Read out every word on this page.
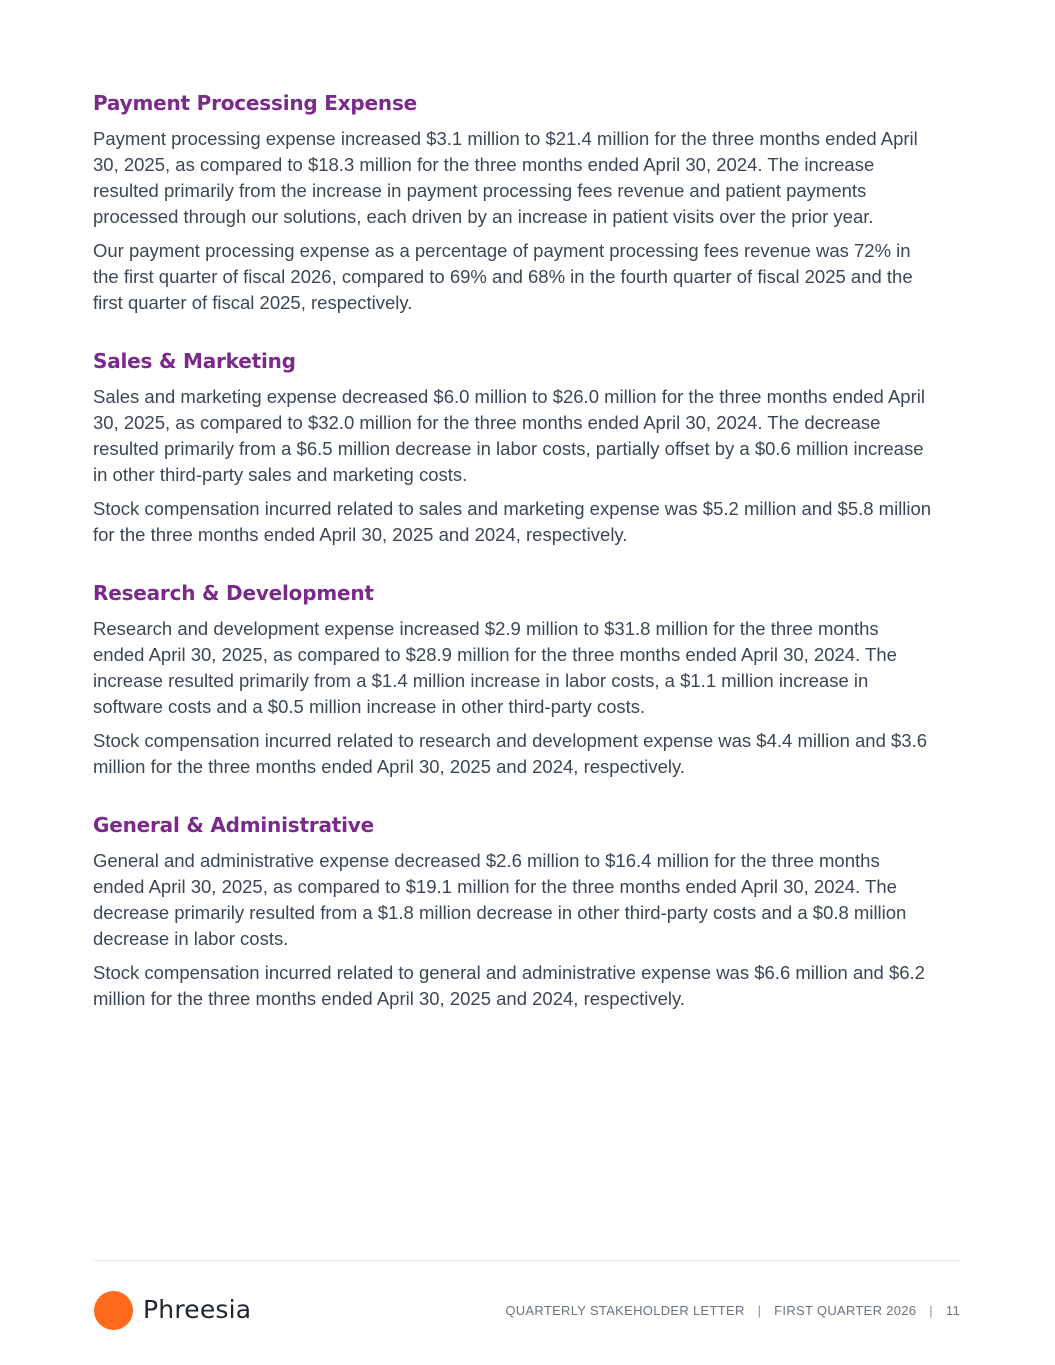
Payment Processing Expense

Payment processing expense increased $3.1 million to $21.4 million for the three months ended April 30, 2025, as compared to $18.3 million for the three months ended April 30, 2024. The increase resulted primarily from the increase in payment processing fees revenue and patient payments processed through our solutions, each driven by an increase in patient visits over the prior year.

Our payment processing expense as a percentage of payment processing fees revenue was 72% in the first quarter of fiscal 2026, compared to 69% and 68% in the fourth quarter of fiscal 2025 and the first quarter of fiscal 2025, respectively.

Sales & Marketing

Sales and marketing expense decreased $6.0 million to $26.0 million for the three months ended April 30, 2025, as compared to $32.0 million for the three months ended April 30, 2024. The decrease resulted primarily from a $6.5 million decrease in labor costs, partially offset by a $0.6 million increase in other third-party sales and marketing costs.

Stock compensation incurred related to sales and marketing expense was $5.2 million and $5.8 million for the three months ended April 30, 2025 and 2024, respectively.

Research & Development

Research and development expense increased $2.9 million to $31.8 million for the three months ended April 30, 2025, as compared to $28.9 million for the three months ended April 30, 2024. The increase resulted primarily from a $1.4 million increase in labor costs, a $1.1 million increase in software costs and a $0.5 million increase in other third-party costs.

Stock compensation incurred related to research and development expense was $4.4 million and $3.6 million for the three months ended April 30, 2025 and 2024, respectively.

General & Administrative

General and administrative expense decreased $2.6 million to $16.4 million for the three months ended April 30, 2025, as compared to $19.1 million for the three months ended April 30, 2024. The decrease primarily resulted from a $1.8 million decrease in other third-party costs and a $0.8 million decrease in labor costs.

Stock compensation incurred related to general and administrative expense was $6.6 million and $6.2 million for the three months ended April 30, 2025 and 2024, respectively.

Phreesia	QUARTERLY STAKEHOLDER LETTER | FIRST QUARTER 2026 | 11
